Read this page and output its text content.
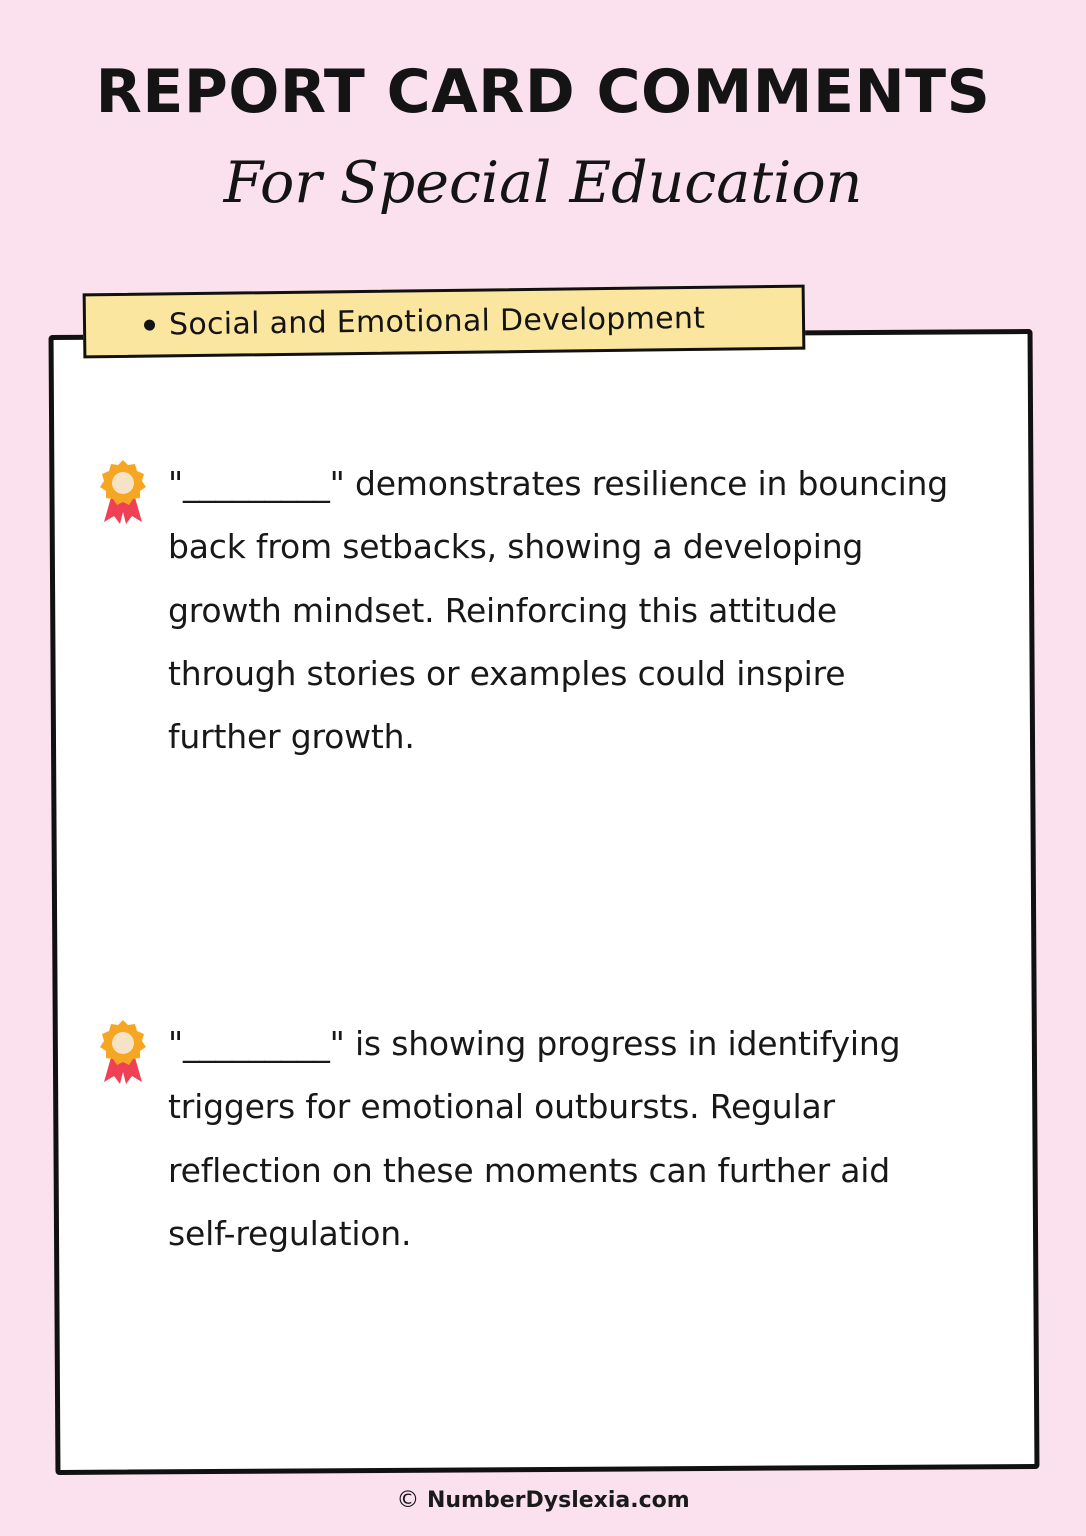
REPORT CARD COMMENTS
For Special Education
Social and Emotional Development
"_________" demonstrates resilience in bouncing back from setbacks, showing a developing growth mindset. Reinforcing this attitude through stories or examples could inspire further growth.
"_________" is showing progress in identifying triggers for emotional outbursts. Regular reflection on these moments can further aid self-regulation.
© NumberDyslexia.com
